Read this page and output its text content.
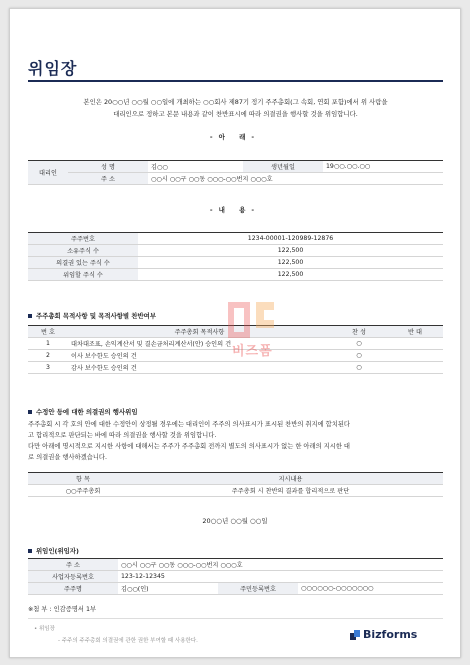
위임장
본인은 20○○년 ○○월 ○○일에 개최하는 ○○회사 제87기 정기 주주총회(그 속회, 연회 포함)에서 위 사람을
대리인으로 정하고 본문 내용과 같이 찬반표시에 따라 의결권을 행사할 것을 위임합니다.
-아 래-
대리인	성 명	김○○	생년월일	19○○.○○.○○
	주 소	○○시 ○○구 ○○동 ○○○-○○번지 ○○○호		
-내 용-
주주번호	1234-00001-120989-12876
소유주식 수	122,500
의결권 있는 주식 수	122,500
위임할 주식 수	122,500
주주총회 목적사항 및 목적사항별 찬반여부
번 호	주주총회 목적사항	찬 성	반 대
1	대차대조표, 손익계산서 및 결손금처리계산서(안) 승인의 건	○	
2	이사 보수한도 승인의 건	○	
3	감사 보수한도 승인의 건	○	
비즈폼
수정안 등에 대한 의결권의 행사위임
주주총회 시 각 호의 안에 대한 수정안이 상정될 경우에는 대리인이 주주의 의사표시가 표시된 찬반의 취지에 합치된다
고 합리적으로 판단되는 바에 따라 의결권을 행사할 것을 위임합니다.
다만 아래에 명시적으로 지시한 사항에 대해서는 주주가 주주총회 전까지 별도의 의사표시가 없는 한 아래의 지시한 대
로 의결권을 행사하겠습니다.
항 목	지시내용
○○주주총회	주주총회 시 찬반의 결과를 합리적으로 판단
20○○년 ○○월 ○○일
위임인(위임자)
주 소	○○시 ○○구 ○○동 ○○○-○○번지 ○○○호		
사업자등록번호	123-12-12345		
주주명	김○○(인)	주민등록번호	○○○○○○-○○○○○○○
※첨 부 : 인감증명서 1부
• 위임장
- 주주의 주주총회 의결권에 관한 권한 부여할 때 사용한다.	Bizforms
